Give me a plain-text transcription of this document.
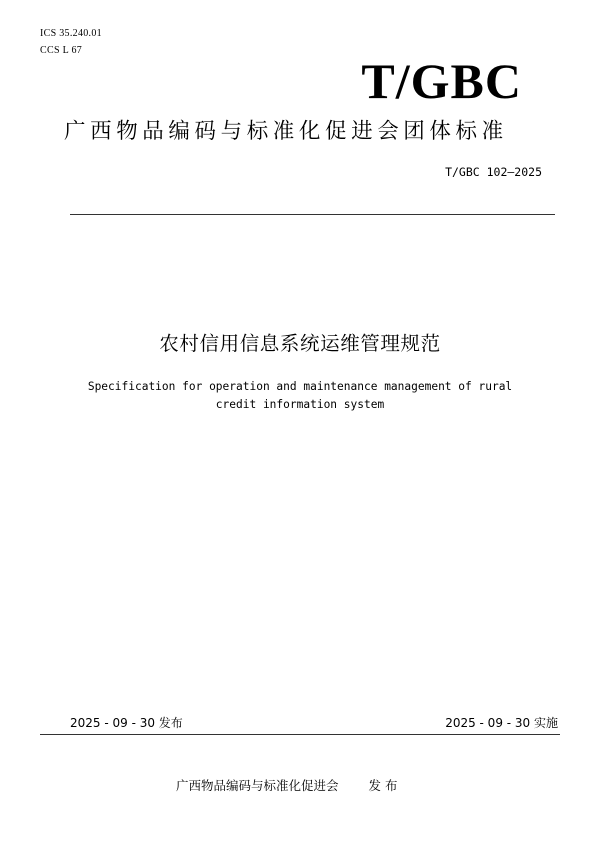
ICS 35.240.01
CCS L 67
T/GBC
广西物品编码与标准化促进会团体标准
T/GBC 102—2025
农村信用信息系统运维管理规范
Specification for operation and maintenance management of rural
credit information system
2025 - 09 - 30 发布	2025 - 09 - 30 实施
广西物品编码与标准化促进会 发 布
